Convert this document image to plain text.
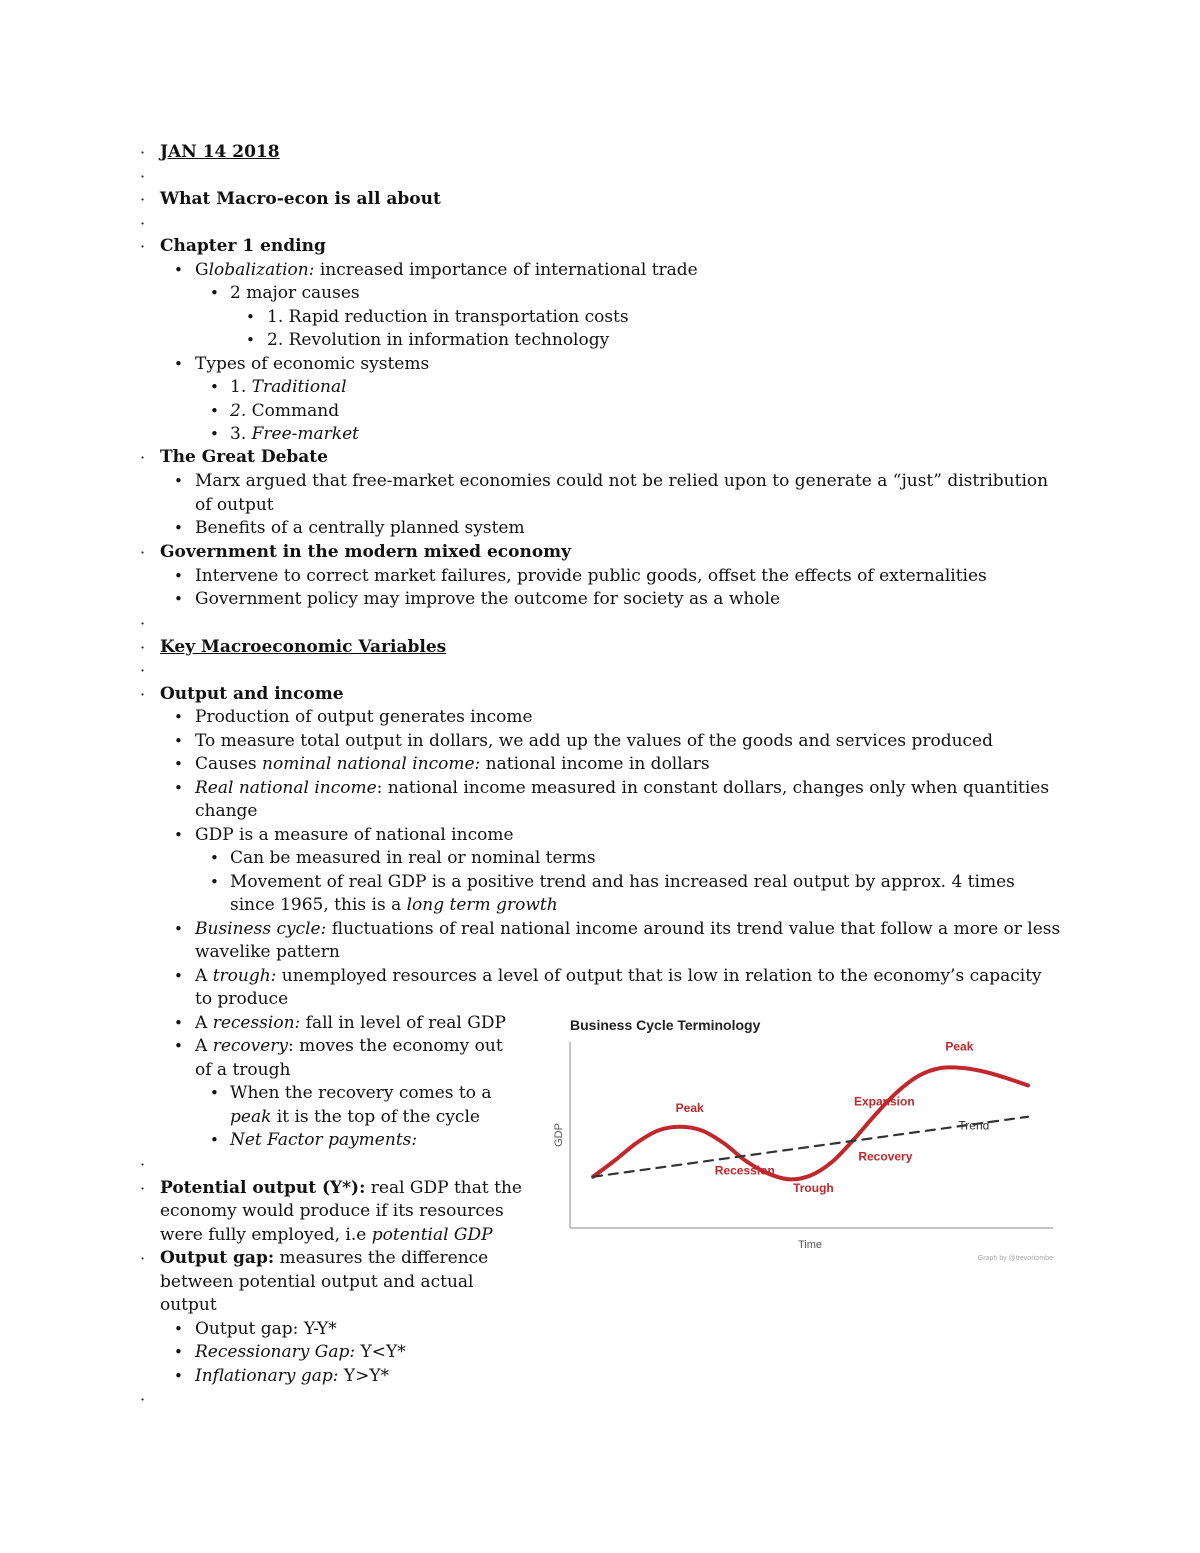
·
·
·
·
·
·
·
·
·
·
·
·
·
·
·
JAN 14 2018
What Macro-econ is all about
Chapter 1 ending
• Globalization: increased importance of international trade
• 2 major causes
• 1. Rapid reduction in transportation costs
• 2. Revolution in information technology
• Types of economic systems
• 1. Traditional
• 2. Command
• 3. Free-market
The Great Debate
• Marx argued that free-market economies could not be relied upon to generate a “just” distribution
of output
• Benefits of a centrally planned system
Government in the modern mixed economy
• Intervene to correct market failures, provide public goods, offset the effects of externalities
• Government policy may improve the outcome for society as a whole
Key Macroeconomic Variables
Output and income
• Production of output generates income
• To measure total output in dollars, we add up the values of the goods and services produced
• Causes nominal national income: national income in dollars
• Real national income: national income measured in constant dollars, changes only when quantities
change
• GDP is a measure of national income
• Can be measured in real or nominal terms
• Movement of real GDP is a positive trend and has increased real output by approx. 4 times
since 1965, this is a long term growth
• Business cycle: fluctuations of real national income around its trend value that follow a more or less
wavelike pattern
• A trough: unemployed resources a level of output that is low in relation to the economy’s capacity
to produce
• A recession: fall in level of real GDP
• A recovery: moves the economy out
of a trough
• When the recovery comes to a
peak it is the top of the cycle
• Net Factor payments:
Potential output (Y*): real GDP that the
economy would produce if its resources
were fully employed, i.e potential GDP
Output gap: measures the difference
between potential output and actual
output
• Output gap: Y-Y*
• Recessionary Gap: Y<Y*
• Inflationary gap: Y>Y*
Business Cycle Terminology
GDP
Time
Graph by @trevortombe
Peak
Recession
Trough
Recovery
Expansion
Peak
Trend
